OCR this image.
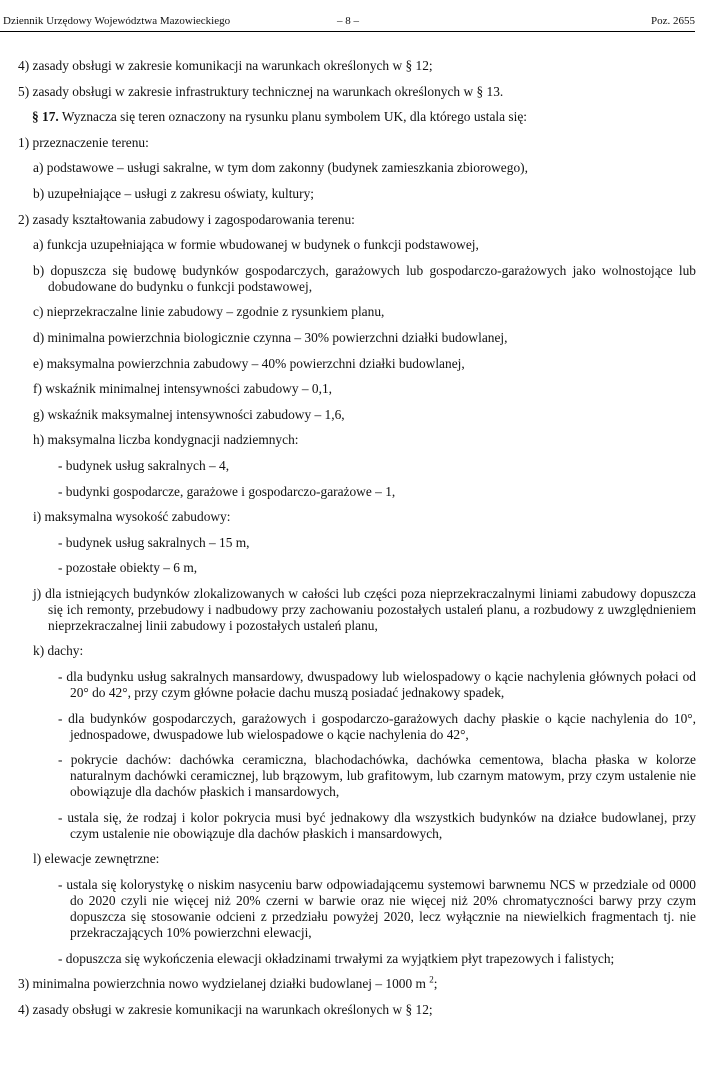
Dziennik Urzędowy Województwa Mazowieckiego	– 8 –	Poz. 2655

4) zasady obsługi w zakresie komunikacji na warunkach określonych w § 12;

5) zasady obsługi w zakresie infrastruktury technicznej na warunkach określonych w § 13.

§ 17. Wyznacza się teren oznaczony na rysunku planu symbolem UK, dla którego ustala się:

1) przeznaczenie terenu:

a) podstawowe – usługi sakralne, w tym dom zakonny (budynek zamieszkania zbiorowego),

b) uzupełniające – usługi z zakresu oświaty, kultury;

2) zasady kształtowania zabudowy i zagospodarowania terenu:

a) funkcja uzupełniająca w formie wbudowanej w budynek o funkcji podstawowej,

b) dopuszcza się budowę budynków gospodarczych, garażowych lub gospodarczo-garażowych jako wolnostojące lub dobudowane do budynku o funkcji podstawowej,

c) nieprzekraczalne linie zabudowy – zgodnie z rysunkiem planu,

d) minimalna powierzchnia biologicznie czynna – 30% powierzchni działki budowlanej,

e) maksymalna powierzchnia zabudowy – 40% powierzchni działki budowlanej,

f) wskaźnik minimalnej intensywności zabudowy – 0,1,

g) wskaźnik maksymalnej intensywności zabudowy – 1,6,

h) maksymalna liczba kondygnacji nadziemnych:

- budynek usług sakralnych – 4,

- budynki gospodarcze, garażowe i gospodarczo-garażowe – 1,

i) maksymalna wysokość zabudowy:

- budynek usług sakralnych – 15 m,

- pozostałe obiekty – 6 m,

j) dla istniejących budynków zlokalizowanych w całości lub części poza nieprzekraczalnymi liniami zabudowy dopuszcza się ich remonty, przebudowy i nadbudowy przy zachowaniu pozostałych ustaleń planu, a rozbudowy z uwzględnieniem nieprzekraczalnej linii zabudowy i pozostałych ustaleń planu,

k) dachy:

- dla budynku usług sakralnych mansardowy, dwuspadowy lub wielospadowy o kącie nachylenia głównych połaci od 20° do 42°, przy czym główne połacie dachu muszą posiadać jednakowy spadek,

- dla budynków gospodarczych, garażowych i gospodarczo-garażowych dachy płaskie o kącie nachylenia do 10°, jednospadowe, dwuspadowe lub wielospadowe o kącie nachylenia do 42°,

- pokrycie dachów: dachówka ceramiczna, blachodachówka, dachówka cementowa, blacha płaska w kolorze naturalnym dachówki ceramicznej, lub brązowym, lub grafitowym, lub czarnym matowym, przy czym ustalenie nie obowiązuje dla dachów płaskich i mansardowych,

- ustala się, że rodzaj i kolor pokrycia musi być jednakowy dla wszystkich budynków na działce budowlanej, przy czym ustalenie nie obowiązuje dla dachów płaskich i mansardowych,

l) elewacje zewnętrzne:

- ustala się kolorystykę o niskim nasyceniu barw odpowiadającemu systemowi barwnemu NCS w przedziale od 0000 do 2020 czyli nie więcej niż 20% czerni w barwie oraz nie więcej niż 20% chromatyczności barwy przy czym dopuszcza się stosowanie odcieni z przedziału powyżej 2020, lecz wyłącznie na niewielkich fragmentach tj. nie przekraczających 10% powierzchni elewacji,

- dopuszcza się wykończenia elewacji okładzinami trwałymi za wyjątkiem płyt trapezowych i falistych;

3) minimalna powierzchnia nowo wydzielanej działki budowlanej – 1000 m $^2$;

4) zasady obsługi w zakresie komunikacji na warunkach określonych w § 12;
